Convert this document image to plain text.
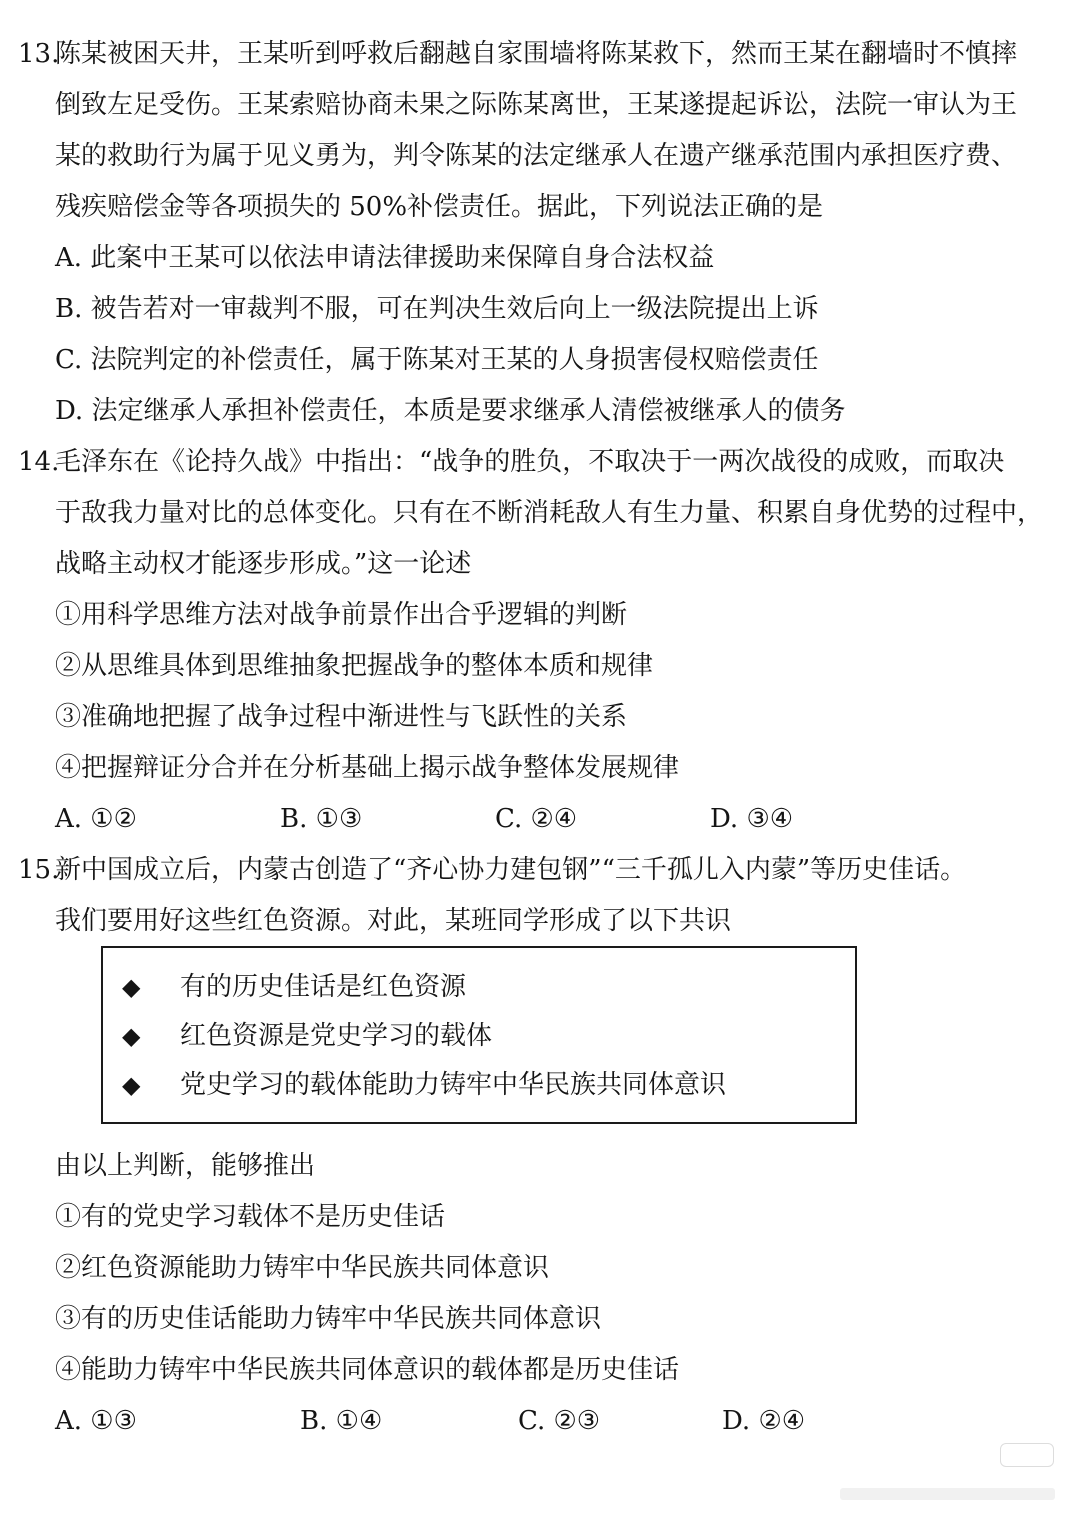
13.
陈某被困天井，王某听到呼救后翻越自家围墙将陈某救下，然而王某在翻墙时不慎摔
倒致左足受伤。王某索赔协商未果之际陈某离世，王某遂提起诉讼，法院一审认为王
某的救助行为属于见义勇为，判令陈某的法定继承人在遗产继承范围内承担医疗费、
残疾赔偿金等各项损失的 50%补偿责任。据此，下列说法正确的是
A. 此案中王某可以依法申请法律援助来保障自身合法权益
B. 被告若对一审裁判不服，可在判决生效后向上一级法院提出上诉
C. 法院判定的补偿责任，属于陈某对王某的人身损害侵权赔偿责任
D. 法定继承人承担补偿责任，本质是要求继承人清偿被继承人的债务
14.
毛泽东在《论持久战》中指出：“战争的胜负，不取决于一两次战役的成败，而取决
于敌我力量对比的总体变化。只有在不断消耗敌人有生力量、积累自身优势的过程中，
战略主动权才能逐步形成。”这一论述
①用科学思维方法对战争前景作出合乎逻辑的判断
②从思维具体到思维抽象把握战争的整体本质和规律
③准确地把握了战争过程中渐进性与飞跃性的关系
④把握辩证分合并在分析基础上揭示战争整体发展规律
A. ①②	B. ①③	C. ②④	D. ③④
15.
新中国成立后，内蒙古创造了“齐心协力建包钢”“三千孤儿入内蒙”等历史佳话。
我们要用好这些红色资源。对此，某班同学形成了以下共识
◆ 有的历史佳话是红色资源
◆ 红色资源是党史学习的载体
◆ 党史学习的载体能助力铸牢中华民族共同体意识
由以上判断，能够推出
①有的党史学习载体不是历史佳话
②红色资源能助力铸牢中华民族共同体意识
③有的历史佳话能助力铸牢中华民族共同体意识
④能助力铸牢中华民族共同体意识的载体都是历史佳话
A. ①③	B. ①④	C. ②③	D. ②④
